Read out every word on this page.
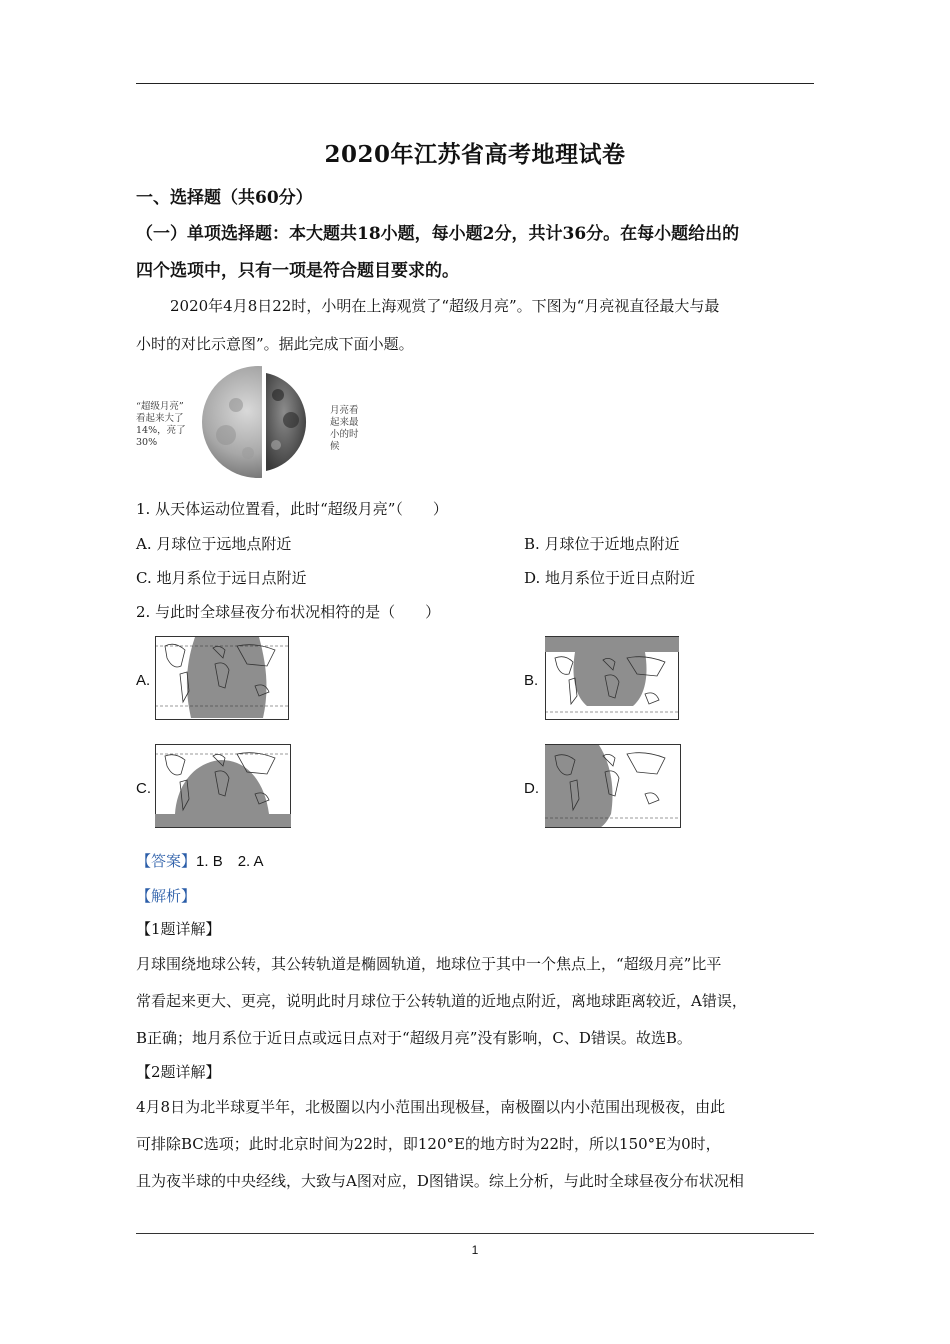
2020年江苏省高考地理试卷
一、选择题（共60分）
（一）单项选择题：本大题共18小题，每小题2分，共计36分。在每小题给出的
四个选项中，只有一项是符合题目要求的。
2020年4月8日22时，小明在上海观赏了“超级月亮”。下图为“月亮视直径最大与最
小时的对比示意图”。据此完成下面小题。
“超级月亮”
看起来大了
14%，亮了
30%
月亮看
起来最
小的时
候
1. 从天体运动位置看，此时“超级月亮”（　　）
A. 月球位于远地点附近	B. 月球位于近地点附近
C. 地月系位于远日点附近	D. 地月系位于近日点附近
2. 与此时全球昼夜分布状况相符的是（　　）
A.	B.
C.	D.
【答案】1. B　2. A
【解析】
【1题详解】
月球围绕地球公转，其公转轨道是椭圆轨道，地球位于其中一个焦点上，“超级月亮”比平
常看起来更大、更亮，说明此时月球位于公转轨道的近地点附近，离地球距离较近，A错误，
B正确；地月系位于近日点或远日点对于“超级月亮”没有影响，C、D错误。故选B。
【2题详解】
4月8日为北半球夏半年，北极圈以内小范围出现极昼，南极圈以内小范围出现极夜，由此
可排除BC选项；此时北京时间为22时，即120°E的地方时为22时，所以150°E为0时，
且为夜半球的中央经线，大致与A图对应，D图错误。综上分析，与此时全球昼夜分布状况相
1
